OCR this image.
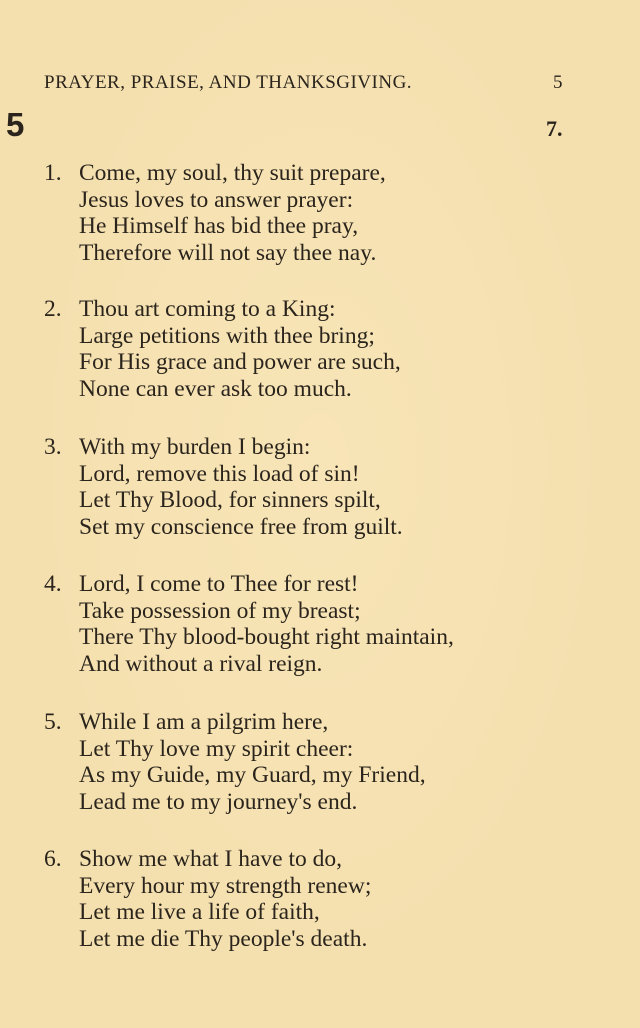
PRAYER, PRAISE, AND THANKSGIVING.	5
5	7.
1. Come, my soul, thy suit prepare,
Jesus loves to answer prayer:
He Himself has bid thee pray,
Therefore will not say thee nay.
2. Thou art coming to a King:
Large petitions with thee bring;
For His grace and power are such,
None can ever ask too much.
3. With my burden I begin:
Lord, remove this load of sin!
Let Thy Blood, for sinners spilt,
Set my conscience free from guilt.
4. Lord, I come to Thee for rest!
Take possession of my breast;
There Thy blood-bought right maintain,
And without a rival reign.
5. While I am a pilgrim here,
Let Thy love my spirit cheer:
As my Guide, my Guard, my Friend,
Lead me to my journey's end.
6. Show me what I have to do,
Every hour my strength renew;
Let me live a life of faith,
Let me die Thy people's death.
